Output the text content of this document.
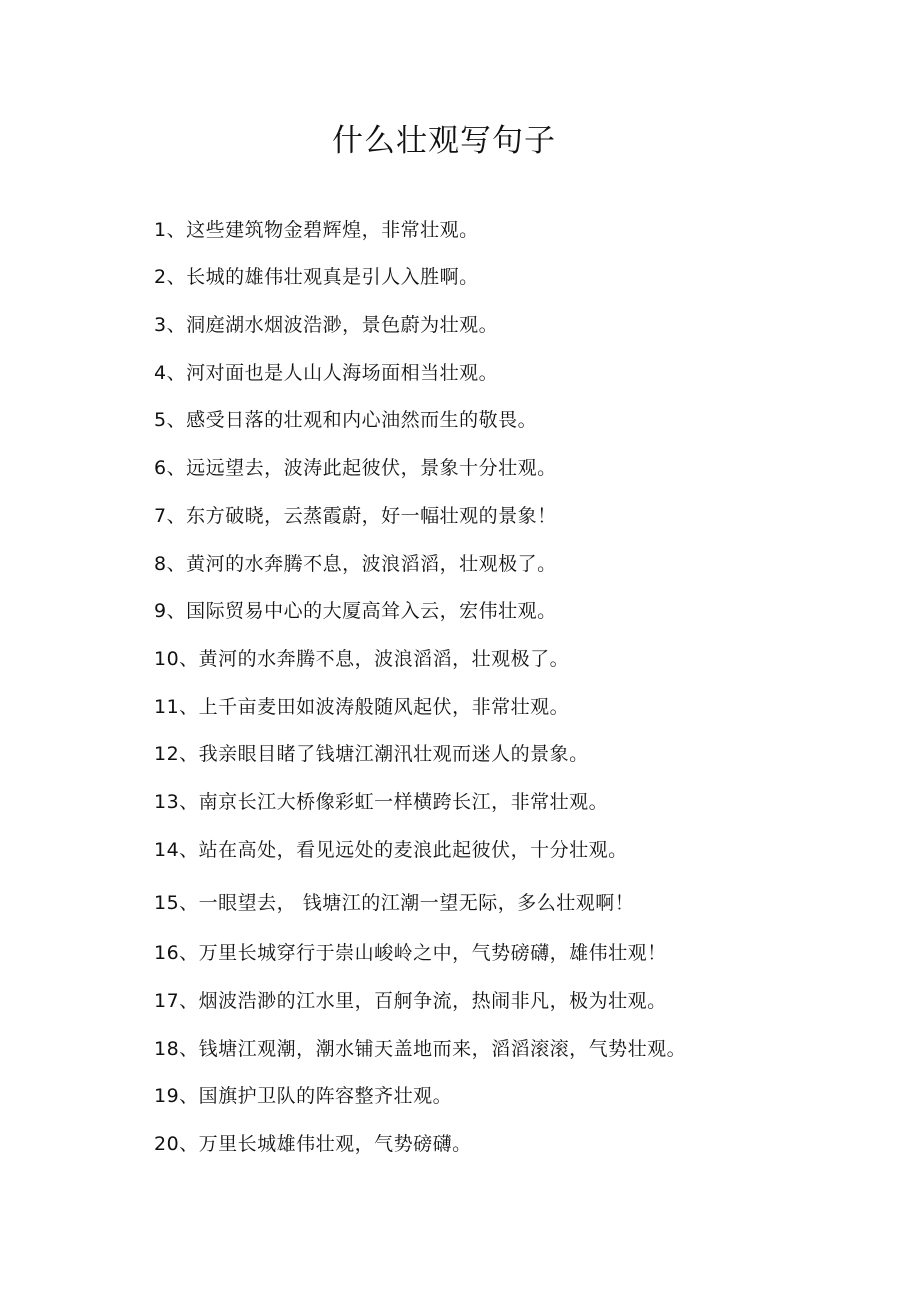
什么壮观写句子
1、这些建筑物金碧辉煌，非常壮观。
2、长城的雄伟壮观真是引人入胜啊。
3、洞庭湖水烟波浩渺，景色蔚为壮观。
4、河对面也是人山人海场面相当壮观。
5、感受日落的壮观和内心油然而生的敬畏。
6、远远望去，波涛此起彼伏，景象十分壮观。
7、东方破晓，云蒸霞蔚，好一幅壮观的景象！
8、黄河的水奔腾不息，波浪滔滔，壮观极了。
9、国际贸易中心的大厦高耸入云，宏伟壮观。
10、黄河的水奔腾不息，波浪滔滔，壮观极了。
11、上千亩麦田如波涛般随风起伏，非常壮观。
12、我亲眼目睹了钱塘江潮汛壮观而迷人的景象。
13、南京长江大桥像彩虹一样横跨长江，非常壮观。
14、站在高处，看见远处的麦浪此起彼伏，十分壮观。
15、一眼望去， 钱塘江的江潮一望无际，多么壮观啊！
16、万里长城穿行于崇山峻岭之中，气势磅礴，雄伟壮观！
17、烟波浩渺的江水里，百舸争流，热闹非凡，极为壮观。
18、钱塘江观潮，潮水铺天盖地而来，滔滔滚滚，气势壮观。
19、国旗护卫队的阵容整齐壮观。
20、万里长城雄伟壮观，气势磅礴。
